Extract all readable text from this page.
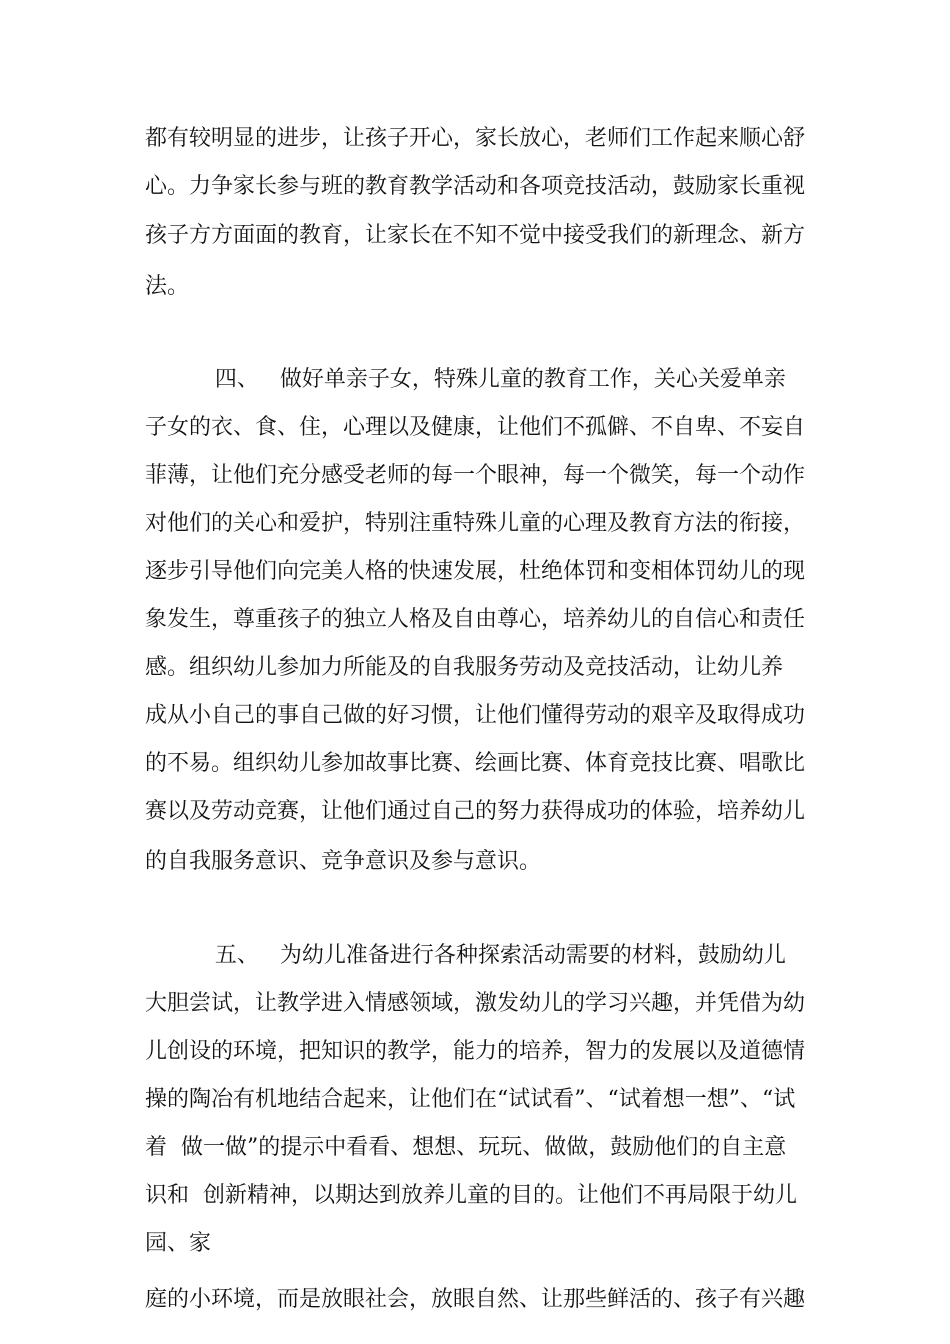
都有较明显的进步，让孩子开心，家长放心，老师们工作起来顺心舒

心。力争家长参与班的教育教学活动和各项竞技活动，鼓励家长重视

孩子方方面面的教育，让家长在不知不觉中接受我们的新理念、新方

法。

四、   做好单亲子女，特殊儿童的教育工作，关心关爱单亲

子女的衣、食、住，心理以及健康，让他们不孤僻、不自卑、不妄自

菲薄，让他们充分感受老师的每一个眼神，每一个微笑，每一个动作

对他们的关心和爱护，特别注重特殊儿童的心理及教育方法的衔接，

逐步引导他们向完美人格的快速发展，杜绝体罚和变相体罚幼儿的现

象发生，尊重孩子的独立人格及自由尊心，培养幼儿的自信心和责任

感。组织幼儿参加力所能及的自我服务劳动及竞技活动，让幼儿养

成从小自己的事自己做的好习惯，让他们懂得劳动的艰辛及取得成功

的不易。组织幼儿参加故事比赛、绘画比赛、体育竞技比赛、唱歌比

赛以及劳动竞赛，让他们通过自己的努力获得成功的体验，培养幼儿

的自我服务意识、竞争意识及参与意识。

五、   为幼儿准备进行各种探索活动需要的材料，鼓励幼儿

大胆尝试，让教学进入情感领域，激发幼儿的学习兴趣，并凭借为幼

儿创设的环境，把知识的教学，能力的培养，智力的发展以及道德情

操的陶冶有机地结合起来，让他们在“试试看”、“试着想一想”、“试

着  做一做”的提示中看看、想想、玩玩、做做，鼓励他们的自主意

识和  创新精神，以期达到放养儿童的目的。让他们不再局限于幼儿

园、家

庭的小环境，而是放眼社会，放眼自然、让那些鲜活的、孩子有兴趣
